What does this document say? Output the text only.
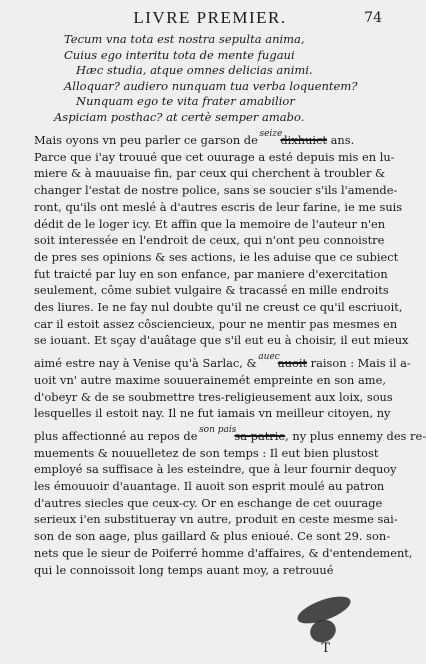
LIVRE PREMIER.	74
Tecum vna tota est nostra sepulta anima,
Cuius ego interitu tota de mente fugaui
Hæc studia, atque omnes delicias animi.
Alloquar? audiero nunquam tua verba loquentem?
Nunquam ego te vita frater amabilior
Aspiciam posthac? at certè semper amabo.
Mais oyons vn peu parler ce garson de seizedixhuict ans.
Parce que i'ay trouué que cet ouurage a esté depuis mis en lu-
miere & à mauuaise fin, par ceux qui cherchent à troubler &
changer l'estat de nostre police, sans se soucier s'ils l'amende-
ront, qu'ils ont meslé à d'autres escris de leur farine, ie me suis
dédit de le loger icy. Et affin que la memoire de l'auteur n'en
soit interessée en l'endroit de ceux, qui n'ont peu connoistre
de pres ses opinions & ses actions, ie les aduise que ce subiect
fut traicté par luy en son enfance, par maniere d'exercitation
seulement, côme subiet vulgaire & tracassé en mille endroits
des liures. Ie ne fay nul doubte qu'il ne creust ce qu'il escriuoit,
car il estoit assez côsciencieux, pour ne mentir pas mesmes en
se iouant. Et sçay d'auâtage que s'il eut eu à choisir, il eut mieux
aimé estre nay à Venise qu'à Sarlac, & auecauoit raison : Mais il a-
uoit vn' autre maxime souuerainemét empreinte en son ame,
d'obeyr & de se soubmettre tres-religieusement aux loix, sous
lesquelles il estoit nay. Il ne fut iamais vn meilleur citoyen, ny
plus affectionné au repos de son paissa patrie, ny plus ennemy des re-
muements & nouuelletez de son temps : Il eut bien plustost
employé sa suffisace à les esteindre, que à leur fournir dequoy
les émouuoir d'auantage. Il auoit son esprit moulé au patron
d'autres siecles que ceux-cy. Or en eschange de cet ouurage
serieux i'en substitueray vn autre, produit en ceste mesme sai-
son de son aage, plus gaillard & plus enioué. Ce sont 29. son-
nets que le sieur de Poiferré homme d'affaires, & d'entendement,
qui le connoissoit long temps auant moy, a retrouué
T
